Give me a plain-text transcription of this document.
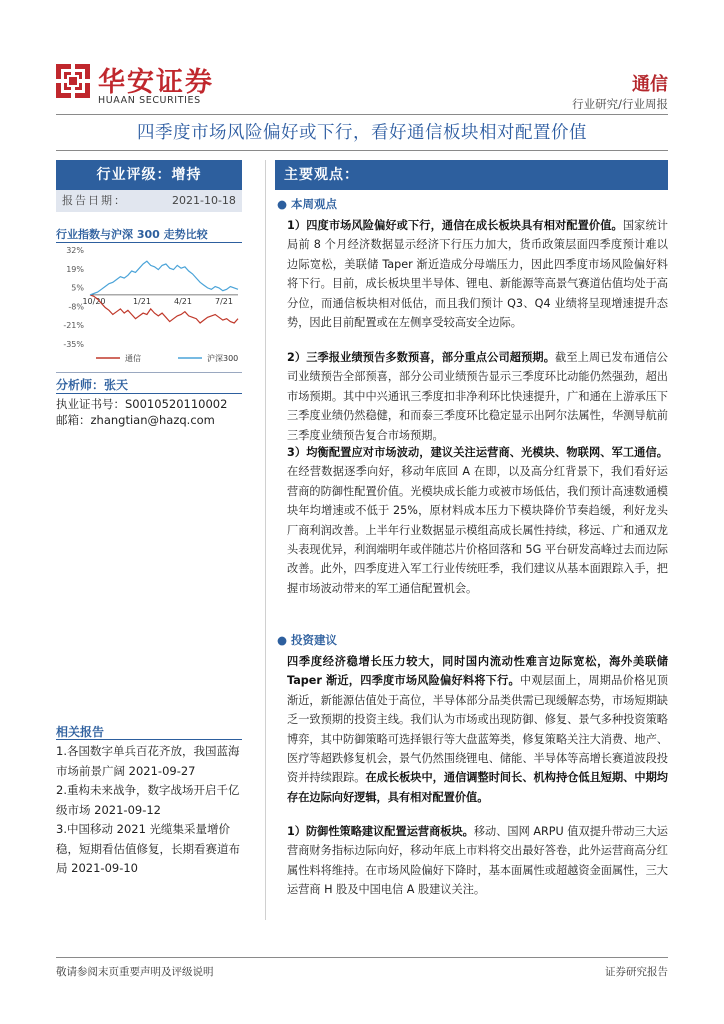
华安证券
HUAAN SECURITIES
通信
行业研究/行业周报
四季度市场风险偏好或下行，看好通信板块相对配置价值
行业评级：增持
报告日期：	2021-10-18
行业指数与沪深 300 走势比较
32%
19%
5%
-8%
-21%
-35%
10/20	1/21	4/21	7/21
通信	沪深300
分析师：张天
执业证书号：S0010520110002
邮箱：zhangtian@hazq.com
相关报告
1.各国数字单兵百花齐放，我国蓝海市场前景广阔 2021-09-27
2.重构未来战争，数字战场开启千亿级市场 2021-09-12
3.中国移动 2021 光缆集采量增价稳，短期看估值修复，长期看赛道布局 2021-09-10
主要观点：
● 本周观点
1）四度市场风险偏好或下行，通信在成长板块具有相对配置价值。国家统计局前 8 个月经济数据显示经济下行压力加大，货币政策层面四季度预计难以边际宽松，美联储 Taper 渐近造成分母端压力，因此四季度市场风险偏好料将下行。目前，成长板块里半导体、锂电、新能源等高景气赛道估值均处于高分位，而通信板块相对低估，而且我们预计 Q3、Q4 业绩将呈现增速提升态势，因此目前配置或在左侧享受较高安全边际。
2）三季报业绩预告多数预喜，部分重点公司超预期。截至上周已发布通信公司业绩预告全部预喜，部分公司业绩预告显示三季度环比动能仍然强劲，超出市场预期。其中中兴通讯三季度扣非净利环比快速提升，广和通在上游承压下三季度业绩仍然稳健，和而泰三季度环比稳定显示出阿尔法属性，华测导航前三季度业绩预告复合市场预期。
3）均衡配置应对市场波动，建议关注运营商、光模块、物联网、军工通信。在经营数据逐季向好，移动年底回 A 在即，以及高分红背景下，我们看好运营商的防御性配置价值。光模块成长能力或被市场低估，我们预计高速数通模块年均增速或不低于 25%，原材料成本压力下模块降价节奏趋缓，利好龙头厂商利润改善。上半年行业数据显示模组高成长属性持续，移远、广和通双龙头表现优异，利润端明年或伴随芯片价格回落和 5G 平台研发高峰过去而边际改善。此外，四季度进入军工行业传统旺季，我们建议从基本面跟踪入手，把握市场波动带来的军工通信配置机会。
● 投资建议
四季度经济稳增长压力较大，同时国内流动性难言边际宽松，海外美联储 Taper 渐近，四季度市场风险偏好料将下行。中观层面上，周期品价格见顶渐近，新能源估值处于高位，半导体部分品类供需已现缓解态势，市场短期缺乏一致预期的投资主线。我们认为市场或出现防御、修复、景气多种投资策略博弈，其中防御策略可选择银行等大盘蓝筹类，修复策略关注大消费、地产、医疗等超跌修复机会，景气仍然围绕锂电、储能、半导体等高增长赛道波段投资并持续跟踪。在成长板块中，通信调整时间长、机构持仓低且短期、中期均存在边际向好逻辑，具有相对配置价值。
1）防御性策略建议配置运营商板块。移动、国网 ARPU 值双提升带动三大运营商财务指标边际向好，移动年底上市料将交出最好答卷，此外运营商高分红属性料将维持。在市场风险偏好下降时，基本面属性或超越资金面属性，三大运营商 H 股及中国电信 A 股建议关注。
敬请参阅末页重要声明及评级说明	证券研究报告
